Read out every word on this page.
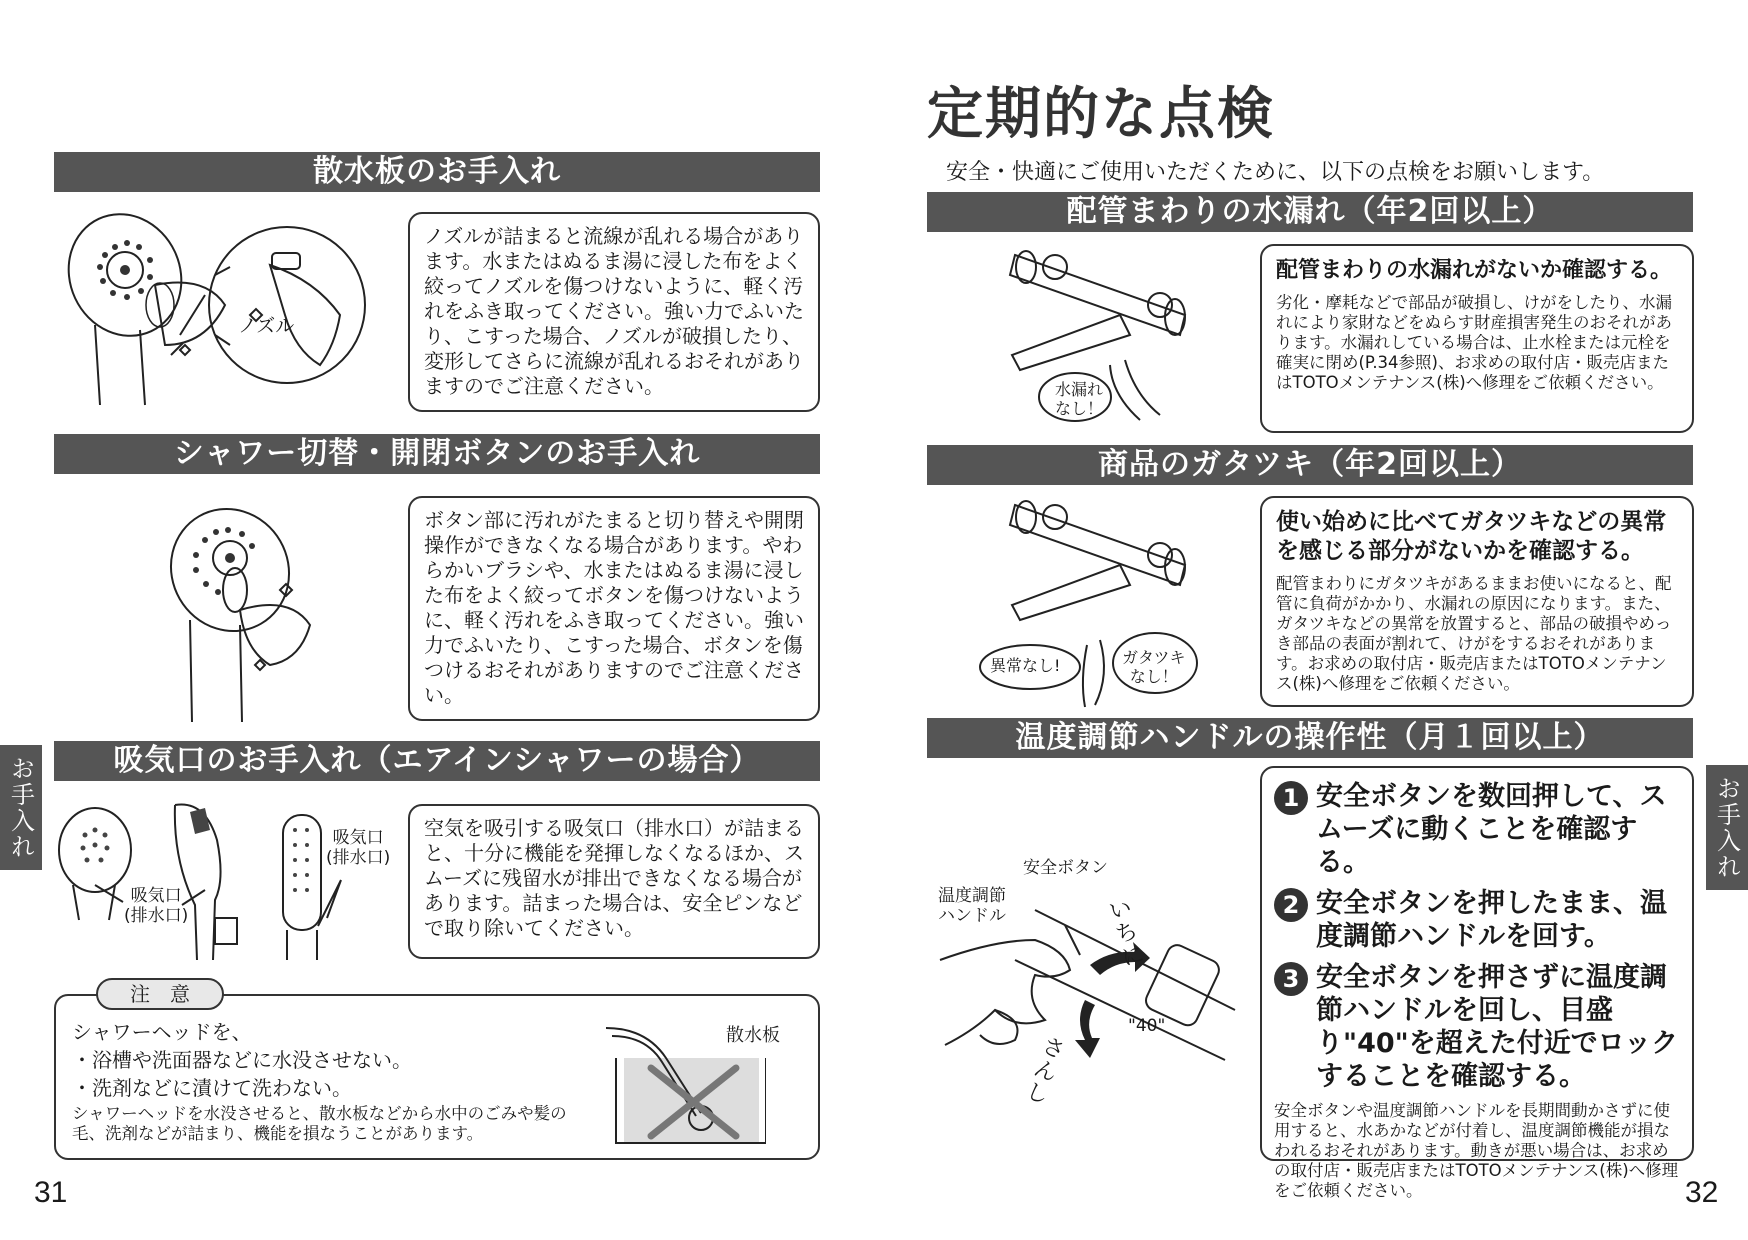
散水板のお手入れ
ノズル

ノズルが詰まると流線が乱れる場合があります。水またはぬるま湯に浸した布をよく絞ってノズルを傷つけないように、軽く汚れをふき取ってください。強い力でふいたり、こすった場合、ノズルが破損したり、変形してさらに流線が乱れるおそれがありますのでご注意ください。

シャワー切替・開閉ボタンのお手入れ

ボタン部に汚れがたまると切り替えや開閉操作ができなくなる場合があります。やわらかいブラシや、水またはぬるま湯に浸した布をよく絞ってボタンを傷つけないように、軽く汚れをふき取ってください。強い力でふいたり、こすった場合、ボタンを傷つけるおそれがありますのでご注意ください。

吸気口のお手入れ（エアインシャワーの場合）
吸気口
(排水口)
吸気口
(排水口)

空気を吸引する吸気口（排水口）が詰まると、十分に機能を発揮しなくなるほか、スムーズに残留水が排出できなくなる場合があります。詰まった場合は、安全ピンなどで取り除いてください。

シャワーヘッドを、

・浴槽や洗面器などに水没させない。

・洗剤などに漬けて洗わない。

シャワーヘッドを水没させると、散水板などから水中のごみや髪の毛、洗剤などが詰まり、機能を損なうことがあります。

注　意
散水板
お手入れ
31
定期的な点検
安全・快適にご使用いただくために、以下の点検をお願いします。
配管まわりの水漏れ（年2回以上）
水漏れ
なし！

配管まわりの水漏れがないか確認する。

劣化・摩耗などで部品が破損し、けがをしたり、水漏れにより家財などをぬらす財産損害発生のおそれがあります。水漏れしている場合は、止水栓または元栓を確実に閉め(P.34参照)、お求めの取付店・販売店またはTOTOメンテナンス(株)へ修理をご依頼ください。

商品のガタツキ（年2回以上）
異常なし!	ガタツキ
なし！

使い始めに比べてガタツキなどの異常を感じる部分がないかを確認する。

配管まわりにガタツキがあるままお使いになると、配管に負荷がかかり、水漏れの原因になります。また、ガタツキなどの異常を放置すると、部品の破損やめっき部品の表面が割れて、けがをするおそれがあります。お求めの取付店・販売店またはTOTOメンテナンス(株)へ修理をご依頼ください。

温度調節ハンドルの操作性（月１回以上）
安全ボタン
温度調節
ハンドル	いちに
さんし
"40"
1 安全ボタンを数回押して、スムーズに動くことを確認する。
2 安全ボタンを押したまま、温度調節ハンドルを回す。
3 安全ボタンを押さずに温度調節ハンドルを回し、目盛り"40"を超えた付近でロックすることを確認する。

安全ボタンや温度調節ハンドルを長期間動かさずに使用すると、水あかなどが付着し、温度調節機能が損なわれるおそれがあります。動きが悪い場合は、お求めの取付店・販売店またはTOTOメンテナンス(株)へ修理をご依頼ください。

お手入れ
32
